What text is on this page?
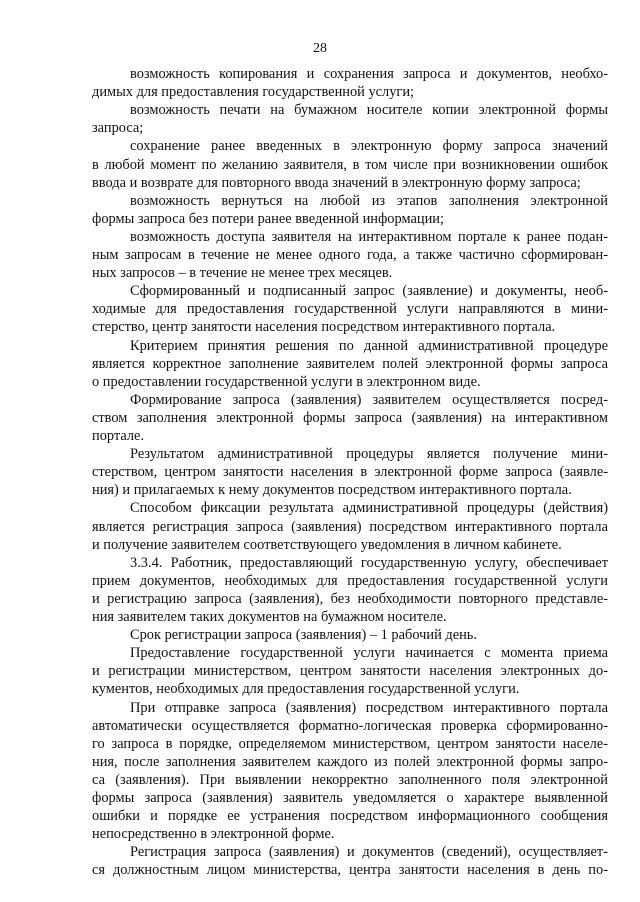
28
возможность копирования и сохранения запроса и документов, необхо-
димых для предоставления государственной услуги;
возможность печати на бумажном носителе копии электронной формы
запроса;
сохранение ранее введенных в электронную форму запроса значений
в любой момент по желанию заявителя, в том числе при возникновении ошибок
ввода и возврате для повторного ввода значений в электронную форму запроса;
возможность вернуться на любой из этапов заполнения электронной
формы запроса без потери ранее введенной информации;
возможность доступа заявителя на интерактивном портале к ранее подан-
ным запросам в течение не менее одного года, а также частично сформирован-
ных запросов – в течение не менее трех месяцев.
Сформированный и подписанный запрос (заявление) и документы, необ-
ходимые для предоставления государственной услуги направляются в мини-
стерство, центр занятости населения посредством интерактивного портала.
Критерием принятия решения по данной административной процедуре
является корректное заполнение заявителем полей электронной формы запроса
о предоставлении государственной услуги в электронном виде.
Формирование запроса (заявления) заявителем осуществляется посред-
ством заполнения электронной формы запроса (заявления) на интерактивном
портале.
Результатом административной процедуры является получение мини-
стерством, центром занятости населения в электронной форме запроса (заявле-
ния) и прилагаемых к нему документов посредством интерактивного портала.
Способом фиксации результата административной процедуры (действия)
является регистрация запроса (заявления) посредством интерактивного портала
и получение заявителем соответствующего уведомления в личном кабинете.
3.3.4. Работник, предоставляющий государственную услугу, обеспечивает
прием документов, необходимых для предоставления государственной услуги
и регистрацию запроса (заявления), без необходимости повторного представле-
ния заявителем таких документов на бумажном носителе.
Срок регистрации запроса (заявления) – 1 рабочий день.
Предоставление государственной услуги начинается с момента приема
и регистрации министерством, центром занятости населения электронных до-
кументов, необходимых для предоставления государственной услуги.
При отправке запроса (заявления) посредством интерактивного портала
автоматически осуществляется форматно-логическая проверка сформированно-
го запроса в порядке, определяемом министерством, центром занятости населе-
ния, после заполнения заявителем каждого из полей электронной формы запро-
са (заявления). При выявлении некорректно заполненного поля электронной
формы запроса (заявления) заявитель уведомляется о характере выявленной
ошибки и порядке ее устранения посредством информационного сообщения
непосредственно в электронной форме.
Регистрация запроса (заявления) и документов (сведений), осуществляет-
ся должностным лицом министерства, центра занятости населения в день по-
